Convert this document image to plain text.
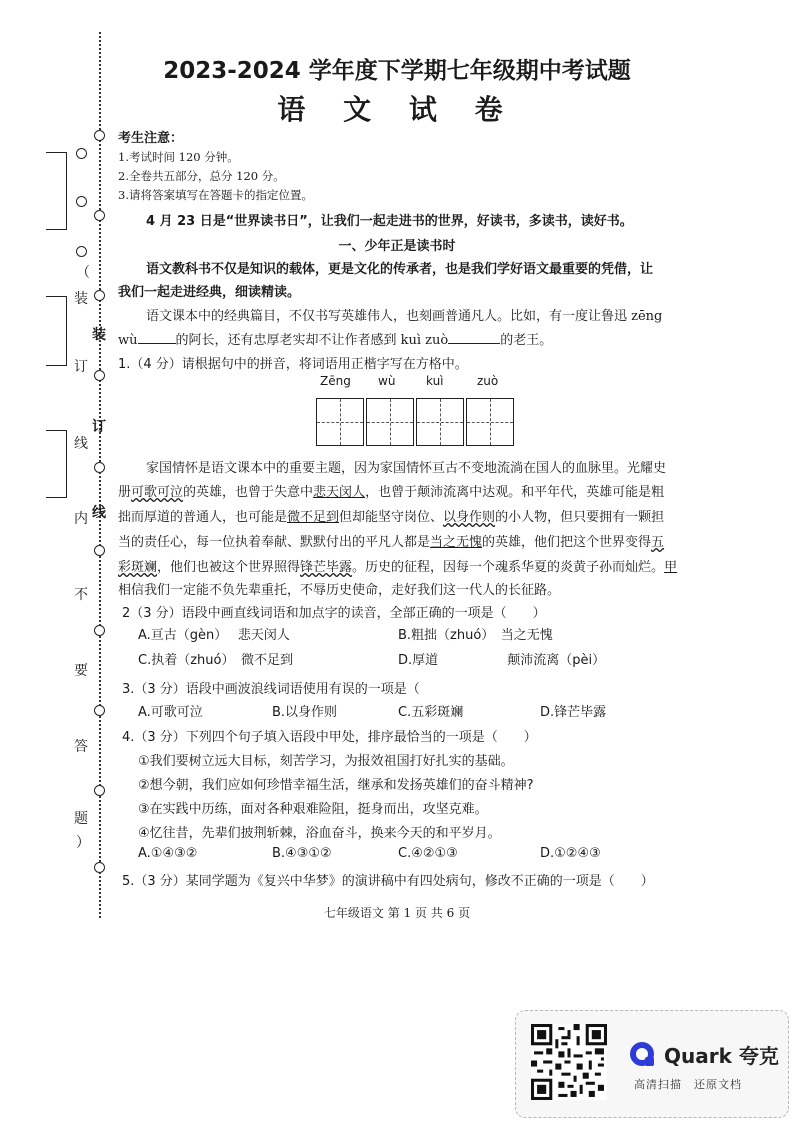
（
装
订
线
内
不
要
答
题
）
装
订
线
2023-2024 学年度下学期七年级期中考试题
语 文 试 卷
考生注意：
1.考试时间 120 分钟。
2.全卷共五部分，总分 120 分。
3.请将答案填写在答题卡的指定位置。
4 月 23 日是“世界读书日”，让我们一起走进书的世界，好读书，多读书，读好书。
一、少年正是读书时
语文教科书不仅是知识的载体，更是文化的传承者，也是我们学好语文最重要的凭借，让
我们一起走进经典，细读精读。
语文课本中的经典篇目，不仅书写英雄伟人，也刻画普通凡人。比如，有一度让鲁迅 zēng
wù	的阿长，还有忠厚老实却不让作者感到 kuì zuò	的老王。
1.（4 分）请根据句中的拼音，将词语用正楷字写在方格中。
Zēng wù	kuì	zuò
家国情怀是语文课本中的重要主题，因为家国情怀亘古不变地流淌在国人的血脉里。光耀史
册可歌可泣的英雄，也曾于失意中悲天闵人，也曾于颠沛流离中达观。和平年代，英雄可能是粗
拙而厚道的普通人，也可能是微不足到但却能坚守岗位、以身作则的小人物，但只要拥有一颗担
当的责任心，每一位执着奉献、默默付出的平凡人都是当之无愧的英雄，他们把这个世界变得五
彩斑斓，他们也被这个世界照得锋芒毕露。历史的征程，因每一个魂系华夏的炎黄子孙而灿烂。甲
相信我们一定能不负先辈重托，不辱历史使命，走好我们这一代人的长征路。
2（3 分）语段中画直线词语和加点字的读音，全部正确的一项是（　　）
A.亘古（gèn）　 悲天闵人	B.粗拙（zhuó）　当之无愧
C.执着（zhuó）　微不足到	D.厚道　　　　　 颠沛流离（pèi）
3.（3 分）语段中画波浪线词语使用有误的一项是（
A.可歌可泣	B.以身作则	C.五彩斑斓	D.锋芒毕露
4.（3 分）下列四个句子填入语段中甲处，排序最恰当的一项是（　　）
①我们要树立远大目标，刻苦学习，为报效祖国打好扎实的基础。
②想今朝，我们应如何珍惜幸福生活，继承和发扬英雄们的奋斗精神?
③在实践中历练，面对各种艰难险阻，挺身而出，攻坚克难。
④忆往昔，先辈们披荆斩棘，浴血奋斗，换来今天的和平岁月。
A.①④③②	B.④③①②	C.④②①③	D.①②④③
5.（3 分）某同学题为《复兴中华梦》的演讲稿中有四处病句，修改不正确的一项是（　　）
七年级语文 第 1 页 共 6 页
Quark 夸克
高清扫描　还原文档
